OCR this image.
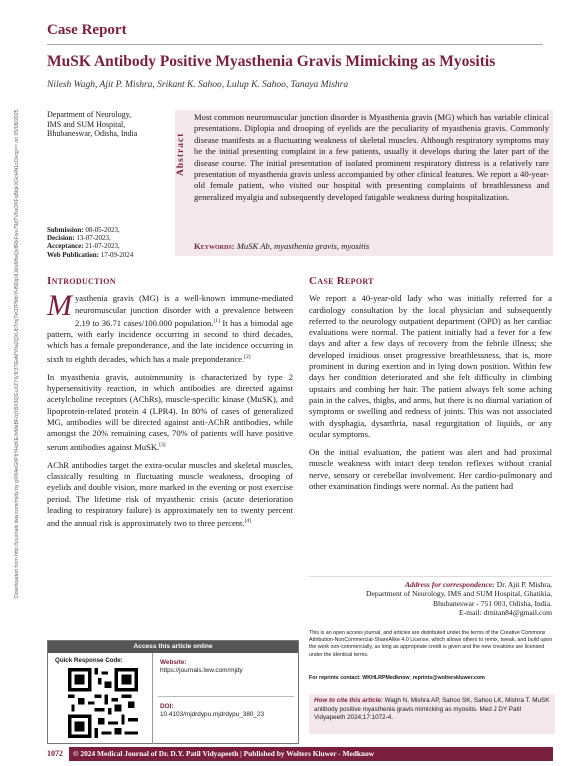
Case Report
MuSK Antibody Positive Myasthenia Gravis Mimicking as Myositis
Nilesh Wagh, Ajit P. Mishra, Srikant K. Sahoo, Lulup K. Sahoo, Tanaya Mishra
Downloaded from http://journals.lww.com/mjdy by gXhl4eGhPbYHcKEJvMeBFrqY8X3QGuXZYIyTc3TEeMY0a2QXUbTmjTkO7PMbYH5DqULWuMfwQv8RkFwu79dTV6sOKFsBlqkXGcHN1zOvcg== on 05/08/2025	Department of Neurology,
IMS and SUM Hospital,
Bhubaneswar, Odisha, India
Submission: 08-05-2023,
Decision: 13-07-2023,
Acceptance: 21-07-2023,
Web Publication: 17-09-2024
Abstract
Most common neuromuscular junction disorder is Myasthenia gravis (MG) which has variable clinical presentations. Diplopia and drooping of eyelids are the peculiarity of myasthenia gravis. Commonly disease manifests as a fluctuating weakness of skeletal muscles. Although respiratory symptoms may be the initial presenting complaint in a few patients, usually it develops during the later part of the disease course. The initial presentation of isolated prominent respiratory distress is a relatively rare presentation of myasthenia gravis unless accompanied by other clinical features. We report a 40-year-old female patient, who visited our hospital with presenting complaints of breathlessness and generalized myalgia and subsequently developed fatigable weakness during hospitalization.
Keywords: MuSK Ab, myasthenia gravis, myositis
Introduction
Myasthenia gravis (MG) is a well-known immune-mediated neuromuscular junction disorder with a prevalence between 2.19 to 36.71 cases/100.000 population.[1] It has a bimodal age pattern, with early incidence occurring in second to third decades, which has a female preponderance, and the late incidence occurring in sixth to eighth decades, which has a male preponderance.[2]
In myasthenia gravis, autoimmunity is characterized by type 2 hypersensitivity reaction, in which antibodies are directed against acetylcholine receptors (AChRs), muscle-specific kinase (MuSK), and lipoprotein-related protein 4 (LPR4). In 80% of cases of generalized MG, antibodies will be directed against anti-AChR antibodies, while amongst the 20% remaining cases, 70% of patients will have positive serum antibodies against MuSK.[3]
AChR antibodies target the extra-ocular muscles and skeletal muscles, classically resulting in fluctuating muscle weakness, drooping of eyelids and double vision, more marked in the evening or post exercise period. The lifetime risk of myasthenic crisis (acute deterioration leading to respiratory failure) is approximately ten to twenty percent and the annual risk is approximately two to three percent.[4]
Case Report
We report a 40-year-old lady who was initially referred for a cardiology consultation by the local physician and subsequently referred to the neurology outpatient department (OPD) as her cardiac evaluations were normal. The patient initially had a fever for a few days and after a few days of recovery from the febrile illness; she developed insidious onset progressive breathlessness, that is, more prominent in during exertion and in lying down position. Within few days her condition deteriorated and she felt difficulty in climbing upstairs and combing her hair. The patient always felt some aching pain in the calves, thighs, and arms, but there is no diurnal variation of symptoms or swelling and redness of joints. This was not associated with dysphagia, dysarthria, nasal regurgitation of liquids, or any ocular symptoms.
On the initial evaluation, the patient was alert and had proximal muscle weakness with intact deep tendon reflexes without cranial nerve, sensory or cerebellar involvement. Her cardio-pulmonary and other examination findings were normal. As the patient had
Address for correspondence: Dr. Ajit P. Mishra,
Department of Neurology, IMS and SUM Hospital, Ghatikia,
Bhubaneswar - 751 003, Odisha, India.
E-mail: drnitan84@gmail.com
Access this article online
Quick Response Code:	Website:
https://journals.lww.com/mjdy
DOI:
10.4103/mjdrdypu.mjdrdypu_380_23
This is an open access journal, and articles are distributed under the terms of the Creative Commons Attribution-NonCommercial-ShareAlike 4.0 License, which allows others to remix, tweak, and build upon the work non-commercially, as long as appropriate credit is given and the new creations are licensed under the identical terms.
For reprints contact: WKHLRPMedknow_reprints@wolterskluwer.com
How to cite this article: Wagh N, Mishra AP, Sahoo SK, Sahoo LK, Mishra T. MuSK antibody positive myasthenia gravis mimicking as myositis. Med J DY Patil Vidyapeeth 2024;17:1072-4.
1072	© 2024 Medical Journal of Dr. D.Y. Patil Vidyapeeth | Published by Wolters Kluwer - Medknow
